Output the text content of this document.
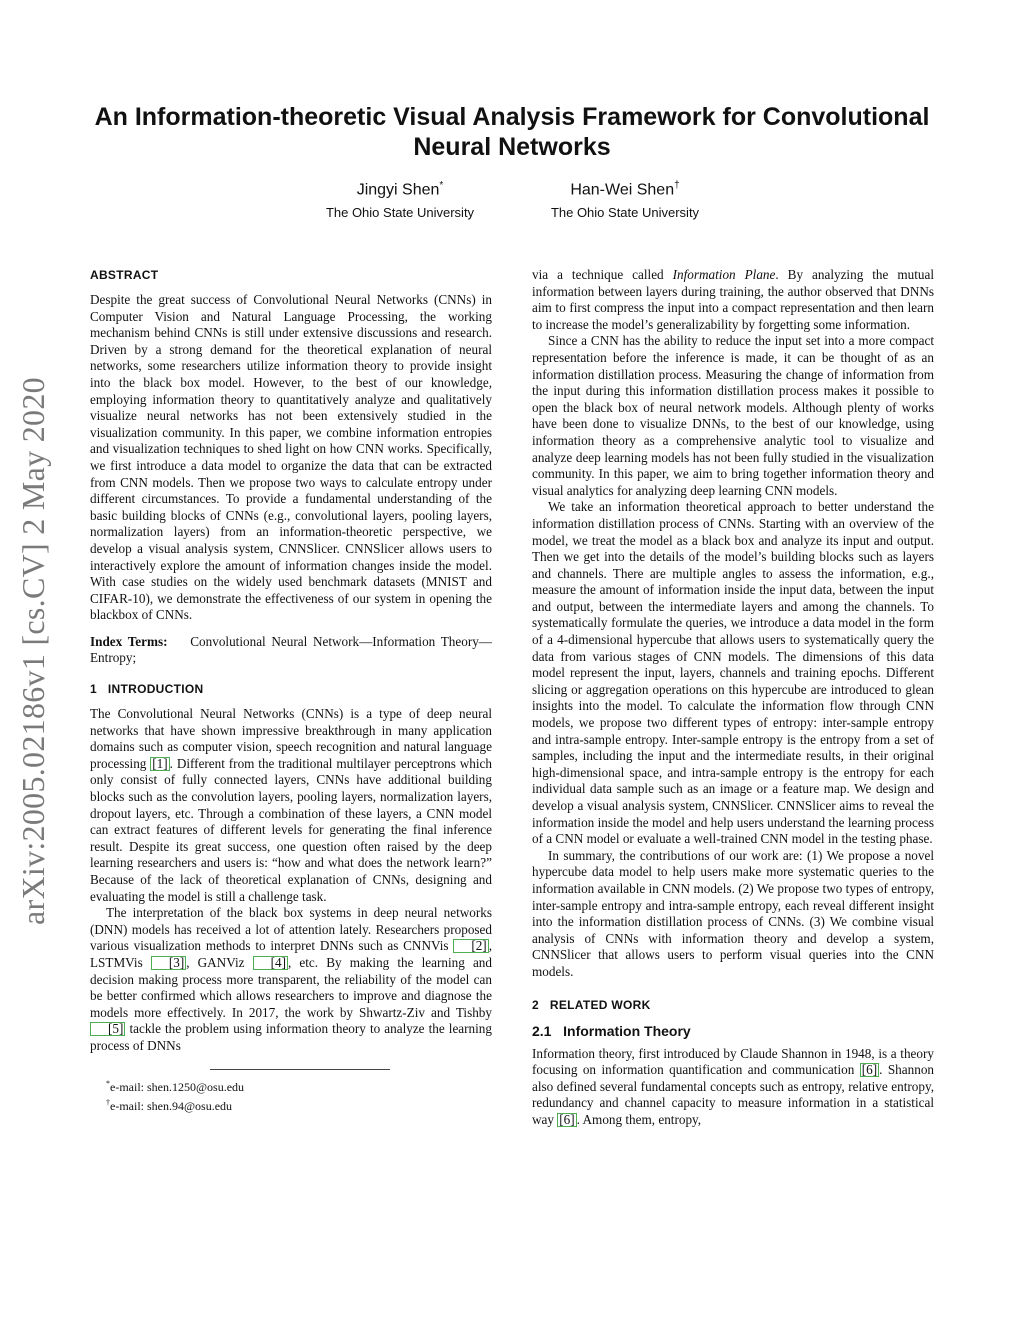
arXiv:2005.02186v1 [cs.CV] 2 May 2020
An Information-theoretic Visual Analysis Framework for Convolutional Neural Networks
Jingyi Shen*
The Ohio State University
Han-Wei Shen†
The Ohio State University
ABSTRACT

Despite the great success of Convolutional Neural Networks (CNNs) in Computer Vision and Natural Language Processing, the working mechanism behind CNNs is still under extensive discussions and research. Driven by a strong demand for the theoretical explanation of neural networks, some researchers utilize information theory to provide insight into the black box model. However, to the best of our knowledge, employing information theory to quantitatively analyze and qualitatively visualize neural networks has not been extensively studied in the visualization community. In this paper, we combine information entropies and visualization techniques to shed light on how CNN works. Specifically, we first introduce a data model to organize the data that can be extracted from CNN models. Then we propose two ways to calculate entropy under different circumstances. To provide a fundamental understanding of the basic building blocks of CNNs (e.g., convolutional layers, pooling layers, normalization layers) from an information-theoretic perspective, we develop a visual analysis system, CNNSlicer. CNNSlicer allows users to interactively explore the amount of information changes inside the model. With case studies on the widely used benchmark datasets (MNIST and CIFAR-10), we demonstrate the effectiveness of our system in opening the blackbox of CNNs.

Index Terms: Convolutional Neural Network—Information Theory—Entropy;

1 INTRODUCTION

The Convolutional Neural Networks (CNNs) is a type of deep neural networks that have shown impressive breakthrough in many application domains such as computer vision, speech recognition and natural language processing [1] . Different from the traditional multilayer perceptrons which only consist of fully connected layers, CNNs have additional building blocks such as the convolution layers, pooling layers, normalization layers, dropout layers, etc. Through a combination of these layers, a CNN model can extract features of different levels for generating the final inference result. Despite its great success, one question often raised by the deep learning researchers and users is: “how and what does the network learn?” Because of the lack of theoretical explanation of CNNs, designing and evaluating the model is still a challenge task.

The interpretation of the black box systems in deep neural networks (DNN) models has received a lot of attention lately. Researchers proposed various visualization methods to interpret DNNs such as CNNVis [2] , LSTMVis [3] , GANViz [4] , etc. By making the learning and decision making process more transparent, the reliability of the model can be better confirmed which allows researchers to improve and diagnose the models more effectively. In 2017, the work by Shwartz-Ziv and Tishby [5] tackle the problem using information theory to analyze the learning process of DNNs

*e-mail: shen.1250@osu.edu
†e-mail: shen.94@osu.edu

via a technique called Information Plane. By analyzing the mutual information between layers during training, the author observed that DNNs aim to first compress the input into a compact representation and then learn to increase the model’s generalizability by forgetting some information.

Since a CNN has the ability to reduce the input set into a more compact representation before the inference is made, it can be thought of as an information distillation process. Measuring the change of information from the input during this information distillation process makes it possible to open the black box of neural network models. Although plenty of works have been done to visualize DNNs, to the best of our knowledge, using information theory as a comprehensive analytic tool to visualize and analyze deep learning models has not been fully studied in the visualization community. In this paper, we aim to bring together information theory and visual analytics for analyzing deep learning CNN models.

We take an information theoretical approach to better understand the information distillation process of CNNs. Starting with an overview of the model, we treat the model as a black box and analyze its input and output. Then we get into the details of the model’s building blocks such as layers and channels. There are multiple angles to assess the information, e.g., measure the amount of information inside the input data, between the input and output, between the intermediate layers and among the channels. To systematically formulate the queries, we introduce a data model in the form of a 4-dimensional hypercube that allows users to systematically query the data from various stages of CNN models. The dimensions of this data model represent the input, layers, channels and training epochs. Different slicing or aggregation operations on this hypercube are introduced to glean insights into the model. To calculate the information flow through CNN models, we propose two different types of entropy: inter-sample entropy and intra-sample entropy. Inter-sample entropy is the entropy from a set of samples, including the input and the intermediate results, in their original high-dimensional space, and intra-sample entropy is the entropy for each individual data sample such as an image or a feature map. We design and develop a visual analysis system, CNNSlicer. CNNSlicer aims to reveal the information inside the model and help users understand the learning process of a CNN model or evaluate a well-trained CNN model in the testing phase.

In summary, the contributions of our work are: (1) We propose a novel hypercube data model to help users make more systematic queries to the information available in CNN models. (2) We propose two types of entropy, inter-sample entropy and intra-sample entropy, each reveal different insight into the information distillation process of CNNs. (3) We combine visual analysis of CNNs with information theory and develop a system, CNNSlicer that allows users to perform visual queries into the CNN models.

2 RELATED WORK
2.1 Information Theory

Information theory, first introduced by Claude Shannon in 1948, is a theory focusing on information quantification and communication [6] . Shannon also defined several fundamental concepts such as entropy, relative entropy, redundancy and channel capacity to measure information in a statistical way [6] . Among them, entropy,
